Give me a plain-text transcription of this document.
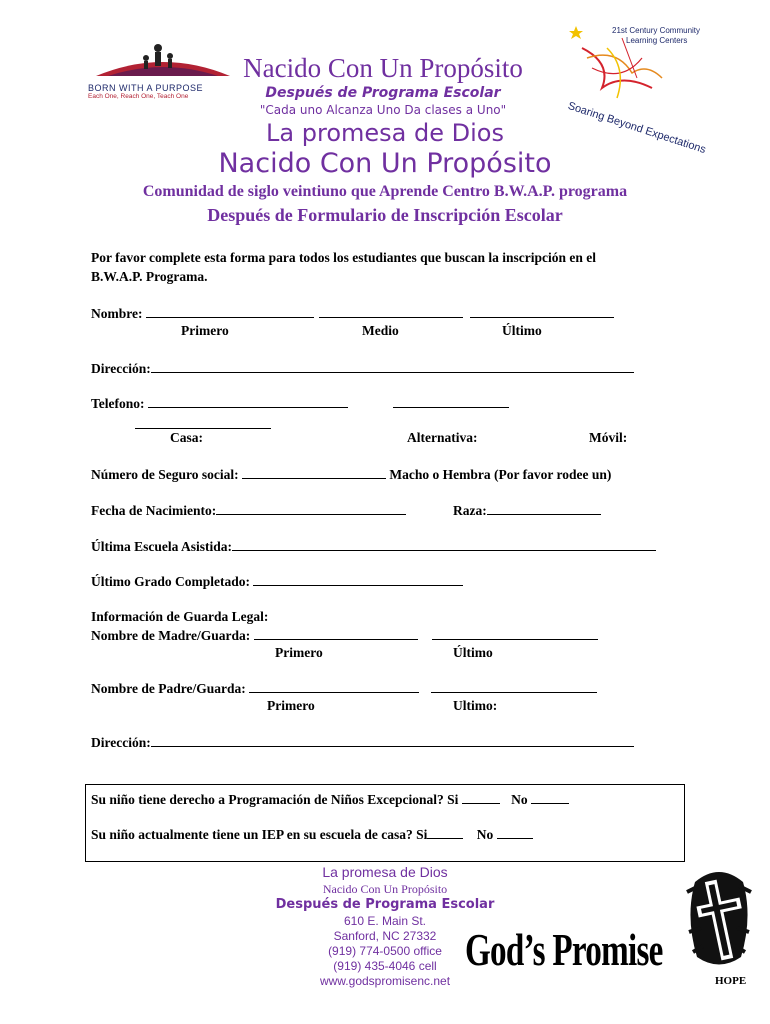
BORN WITH A PURPOSE
Each One, Reach One, Teach One
Nacido Con Un Propósito
Después de Programa Escolar
"Cada uno Alcanza Uno Da clases a Uno"
21st Century Community
Learning Centers
Soaring Beyond Expectations
La promesa de Dios
Nacido Con Un Propósito
Comunidad de siglo veintiuno que Aprende Centro B.W.A.P. programa
Después de Formulario de Inscripción Escolar
Por favor complete esta forma para todos los estudiantes que buscan la inscripción en el
B.W.A.P. Programa.
Nombre:
Primero	Medio	Último
Dirección:
Telefono:
Casa:	Alternativa:	Móvil:
Número de Seguro social:	Macho o Hembra (Por favor rodee un)
Fecha de Nacimiento:	Raza:
Última Escuela Asistida:
Último Grado Completado:
Información de Guarda Legal:
Nombre de Madre/Guarda:
Primero	Último
Nombre de Padre/Guarda:
Primero	Ultimo:
Dirección:
Su niño tiene derecho a Programación de Niños Excepcional? Si	No
Su niño actualmente tiene un IEP en su escuela de casa? Si	No
La promesa de Dios
Nacido Con Un Propósito
Después de Programa Escolar
610 E. Main St.
Sanford, NC 27332
(919) 774-0500 office
(919) 435-4046 cell
www.godspromisenc.net
God’s Promise
HOPE
